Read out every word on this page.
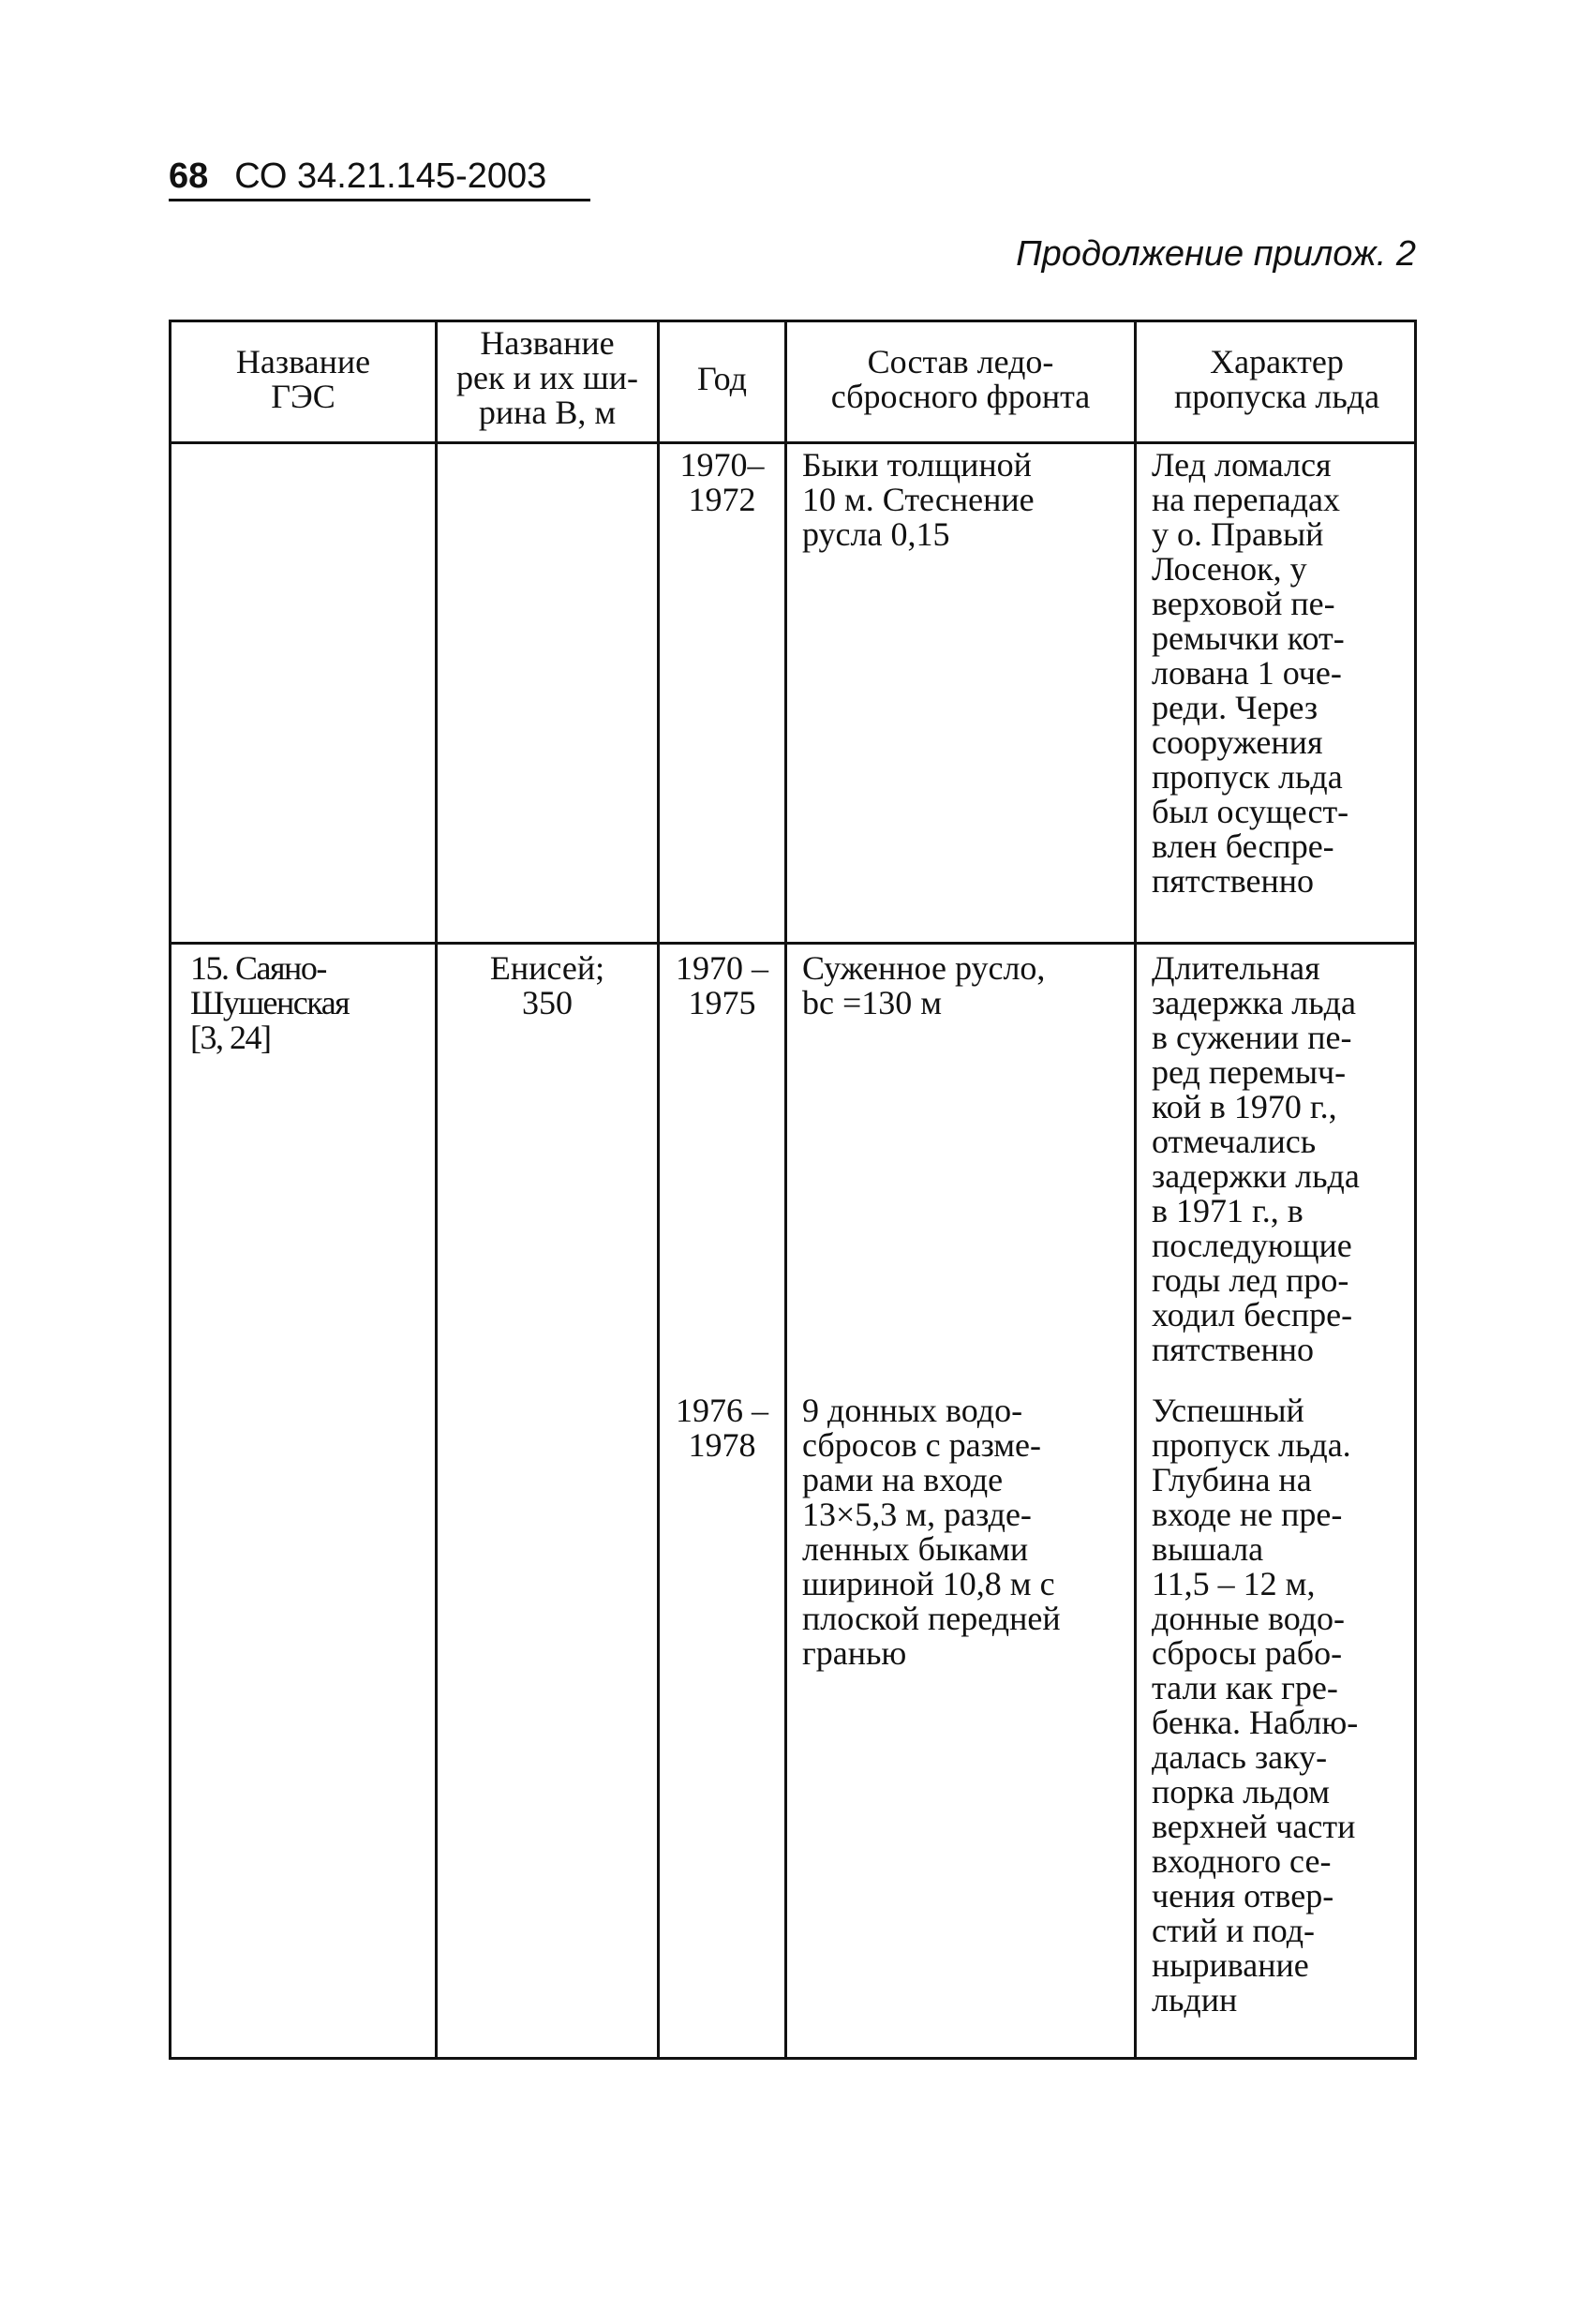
68 СО 34.21.145-2003
Продолжение прилож. 2
Название
ГЭС
Название
рек и их ши-
рина В, м
Год	Состав ледо-
сбросного фронта
Характер
пропуска льда
1970–
1972
Быки толщиной
10 м. Стеснение
русла 0,15
Лед ломался
на перепадах
у о. Правый
Лосенок, у
верховой пе-
ремычки кот-
лована 1 оче-
реди. Через
сооружения
пропуск льда
был осущест-
влен беспре-
пятственно
15. Саяно-
Шушенская
[3, 24]
Енисей;
350
1970 –
1975
Суженное русло,
bс =130 м
Длительная
задержка льда
в сужении пе-
ред перемыч-
кой в 1970 г.,
отмечались
задержки льда
в 1971 г., в
последующие
годы лед про-
ходил беспре-
пятственно
1976 –
1978
9 донных водо-
сбросов с разме-
рами на входе
13×5,3 м, разде-
ленных быками
шириной 10,8 м с
плоской передней
гранью
Успешный
пропуск льда.
Глубина на
входе не пре-
вышала
11,5 – 12 м,
донные водо-
сбросы рабо-
тали как гре-
бенка. Наблю-
далась заку-
порка льдом
верхней части
входного се-
чения отвер-
стий и под-
ныривание
льдин
